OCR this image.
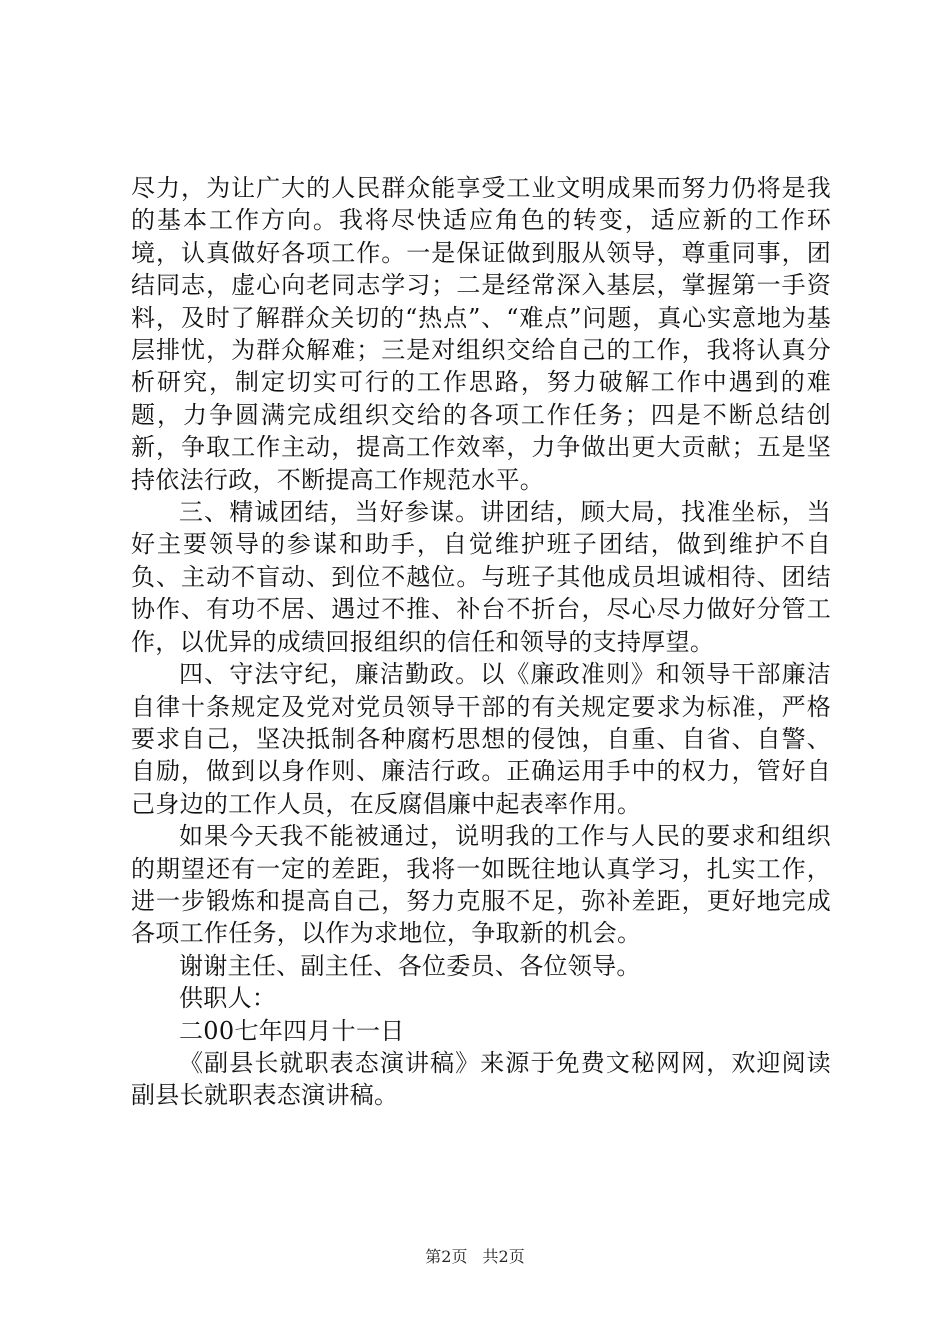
尽力，为让广大的人民群众能享受工业文明成果而努力仍将是我的基本工作方向。我将尽快适应角色的转变，适应新的工作环境，认真做好各项工作。一是保证做到服从领导，尊重同事，团结同志，虚心向老同志学习；二是经常深入基层，掌握第一手资料，及时了解群众关切的“热点”、“难点”问题，真心实意地为基层排忧，为群众解难；三是对组织交给自己的工作，我将认真分析研究，制定切实可行的工作思路，努力破解工作中遇到的难题，力争圆满完成组织交给的各项工作任务；四是不断总结创新，争取工作主动，提高工作效率，力争做出更大贡献；五是坚持依法行政，不断提高工作规范水平。

三、精诚团结，当好参谋。讲团结，顾大局，找准坐标，当好主要领导的参谋和助手，自觉维护班子团结，做到维护不自负、主动不盲动、到位不越位。与班子其他成员坦诚相待、团结协作、有功不居、遇过不推、补台不折台，尽心尽力做好分管工作，以优异的成绩回报组织的信任和领导的支持厚望。

四、守法守纪，廉洁勤政。以《廉政准则》和领导干部廉洁自律十条规定及党对党员领导干部的有关规定要求为标准，严格要求自己，坚决抵制各种腐朽思想的侵蚀，自重、自省、自警、自励，做到以身作则、廉洁行政。正确运用手中的权力，管好自己身边的工作人员，在反腐倡廉中起表率作用。

如果今天我不能被通过，说明我的工作与人民的要求和组织的期望还有一定的差距，我将一如既往地认真学习，扎实工作，进一步锻炼和提高自己，努力克服不足，弥补差距，更好地完成各项工作任务，以作为求地位，争取新的机会。

谢谢主任、副主任、各位委员、各位领导。

供职人：

二00七年四月十一日

《副县长就职表态演讲稿》来源于免费文秘网网，欢迎阅读副县长就职表态演讲稿。

第2页 共2页
